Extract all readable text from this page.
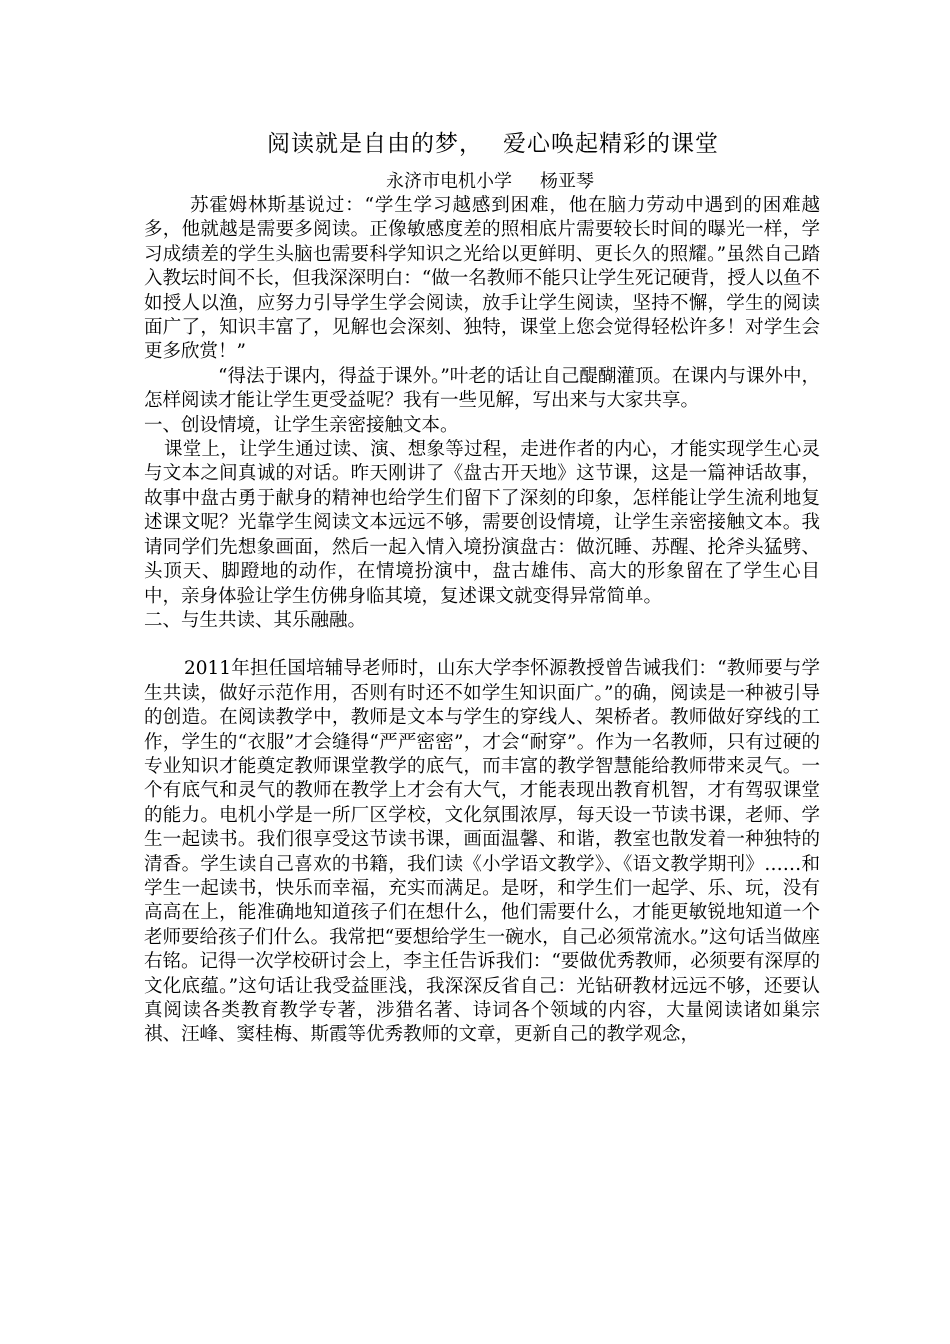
阅读就是自由的梦， 爱心唤起精彩的课堂
永济市电机小学 杨亚琴

苏霍姆林斯基说过：“学生学习越感到困难，他在脑力劳动中遇到的困难越多，他就越是需要多阅读。正像敏感度差的照相底片需要较长时间的曝光一样，学习成绩差的学生头脑也需要科学知识之光给以更鲜明、更长久的照耀。”虽然自己踏入教坛时间不长，但我深深明白：“做一名教师不能只让学生死记硬背，授人以鱼不如授人以渔，应努力引导学生学会阅读，放手让学生阅读，坚持不懈，学生的阅读面广了，知识丰富了，见解也会深刻、独特，课堂上您会觉得轻松许多！对学生会更多欣赏！”

“得法于课内，得益于课外。”叶老的话让自己醍醐灌顶。在课内与课外中，怎样阅读才能让学生更受益呢？我有一些见解，写出来与大家共享。

一、创设情境，让学生亲密接触文本。

课堂上，让学生通过读、演、想象等过程，走进作者的内心，才能实现学生心灵与文本之间真诚的对话。昨天刚讲了《盘古开天地》这节课，这是一篇神话故事，故事中盘古勇于献身的精神也给学生们留下了深刻的印象，怎样能让学生流利地复述课文呢？光靠学生阅读文本远远不够，需要创设情境，让学生亲密接触文本。我请同学们先想象画面，然后一起入情入境扮演盘古：做沉睡、苏醒、抡斧头猛劈、头顶天、脚蹬地的动作，在情境扮演中，盘古雄伟、高大的形象留在了学生心目中，亲身体验让学生仿佛身临其境，复述课文就变得异常简单。

二、与生共读、其乐融融。

2011年担任国培辅导老师时，山东大学李怀源教授曾告诫我们：“教师要与学生共读，做好示范作用，否则有时还不如学生知识面广。”的确，阅读是一种被引导的创造。在阅读教学中，教师是文本与学生的穿线人、架桥者。教师做好穿线的工作，学生的“衣服”才会缝得“严严密密”，才会“耐穿”。作为一名教师，只有过硬的专业知识才能奠定教师课堂教学的底气，而丰富的教学智慧能给教师带来灵气。一个有底气和灵气的教师在教学上才会有大气，才能表现出教育机智，才有驾驭课堂的能力。电机小学是一所厂区学校，文化氛围浓厚，每天设一节读书课，老师、学生一起读书。我们很享受这节读书课，画面温馨、和谐，教室也散发着一种独特的清香。学生读自己喜欢的书籍，我们读《小学语文教学》、《语文教学期刊》……和学生一起读书，快乐而幸福，充实而满足。是呀，和学生们一起学、乐、玩，没有高高在上，能准确地知道孩子们在想什么，他们需要什么，才能更敏锐地知道一个老师要给孩子们什么。我常把“要想给学生一碗水，自己必须常流水。”这句话当做座右铭。记得一次学校研讨会上，李主任告诉我们：“要做优秀教师，必须要有深厚的文化底蕴。”这句话让我受益匪浅，我深深反省自己：光钻研教材远远不够，还要认真阅读各类教育教学专著，涉猎名著、诗词各个领域的内容，大量阅读诸如巢宗祺、汪峰、窦桂梅、斯霞等优秀教师的文章，更新自己的教学观念，
